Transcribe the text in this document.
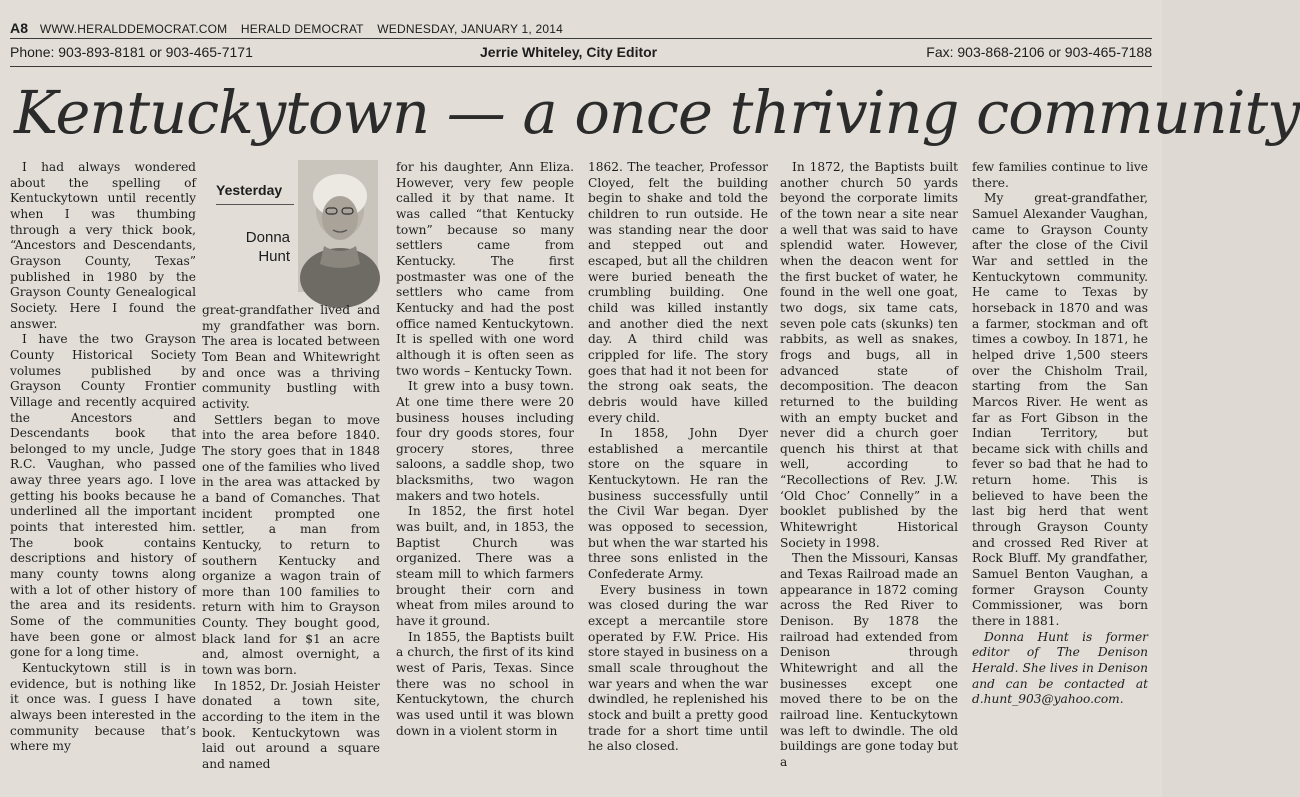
A8 WWW.HERALDDEMOCRAT.COM HERALD DEMOCRAT WEDNESDAY, JANUARY 1, 2014
Phone: 903-893-8181 or 903-465-7171	Jerrie Whiteley, City Editor	Fax: 903-868-2106 or 903-465-7188
Kentuckytown — a once thriving community
Yesterday
Donna
Hunt

I had always wondered about the spelling of Kentuckytown until recently when I was thumbing through a very thick book, “Ancestors and Descendants, Grayson County, Texas” published in 1980 by the Grayson County Genealogical Society. Here I found the answer.

I have the two Grayson County Historical Society volumes published by Grayson County Frontier Village and recently acquired the Ancestors and Descendants book that belonged to my uncle, Judge R.C. Vaughan, who passed away three years ago. I love getting his books because he underlined all the important points that interested him. The book contains descriptions and history of many county towns along with a lot of other history of the area and its residents. Some of the communities have been gone or almost gone for a long time.

Kentuckytown still is in evidence, but is nothing like it once was. I guess I have always been interested in the community because that’s where my

great-grandfather lived and my grandfather was born. The area is located between Tom Bean and Whitewright and once was a thriving community bustling with activity.

Settlers began to move into the area before 1840. The story goes that in 1848 one of the families who lived in the area was attacked by a band of Comanches. That incident prompted one settler, a man from Kentucky, to return to southern Kentucky and organize a wagon train of more than 100 families to return with him to Grayson County. They bought good, black land for $1 an acre and, almost overnight, a town was born.

In 1852, Dr. Josiah Heister donated a town site, according to the item in the book. Kentuckytown was laid out around a square and named

for his daughter, Ann Eliza. However, very few people called it by that name. It was called “that Kentucky town” because so many settlers came from Kentucky. The first postmaster was one of the settlers who came from Kentucky and had the post office named Kentuckytown. It is spelled with one word although it is often seen as two words – Kentucky Town.

It grew into a busy town. At one time there were 20 business houses including four dry goods stores, four grocery stores, three saloons, a saddle shop, two blacksmiths, two wagon makers and two hotels.

In 1852, the first hotel was built, and, in 1853, the Baptist Church was organized. There was a steam mill to which farmers brought their corn and wheat from miles around to have it ground.

In 1855, the Baptists built a church, the first of its kind west of Paris, Texas. Since there was no school in Kentuckytown, the church was used until it was blown down in a violent storm in

1862. The teacher, Professor Cloyed, felt the building begin to shake and told the children to run outside. He was standing near the door and stepped out and escaped, but all the children were buried beneath the crumbling building. One child was killed instantly and another died the next day. A third child was crippled for life. The story goes that had it not been for the strong oak seats, the debris would have killed every child.

In 1858, John Dyer established a mercantile store on the square in Kentuckytown. He ran the business successfully until the Civil War began. Dyer was opposed to secession, but when the war started his three sons enlisted in the Confederate Army.

Every business in town was closed during the war except a mercantile store operated by F.W. Price. His store stayed in business on a small scale throughout the war years and when the war dwindled, he replenished his stock and built a pretty good trade for a short time until he also closed.

In 1872, the Baptists built another church 50 yards beyond the corporate limits of the town near a site near a well that was said to have splendid water. However, when the deacon went for the first bucket of water, he found in the well one goat, two dogs, six tame cats, seven pole cats (skunks) ten rabbits, as well as snakes, frogs and bugs, all in advanced state of decomposition. The deacon returned to the building with an empty bucket and never did a church goer quench his thirst at that well, according to “Recollections of Rev. J.W. ‘Old Choc’ Connelly” in a booklet published by the Whitewright Historical Society in 1998.

Then the Missouri, Kansas and Texas Railroad made an appearance in 1872 coming across the Red River to Denison. By 1878 the railroad had extended from Denison through Whitewright and all the businesses except one moved there to be on the railroad line. Kentuckytown was left to dwindle. The old buildings are gone today but a

few families continue to live there.

My great-grandfather, Samuel Alexander Vaughan, came to Grayson County after the close of the Civil War and settled in the Kentuckytown community. He came to Texas by horseback in 1870 and was a farmer, stockman and oft times a cowboy. In 1871, he helped drive 1,500 steers over the Chisholm Trail, starting from the San Marcos River. He went as far as Fort Gibson in the Indian Territory, but became sick with chills and fever so bad that he had to return home. This is believed to have been the last big herd that went through Grayson County and crossed Red River at Rock Bluff. My grandfather, Samuel Benton Vaughan, a former Grayson County Commissioner, was born there in 1881.

Donna Hunt is former editor of The Denison Herald. She lives in Denison and can be contacted at d.hunt_903@yahoo.com.
